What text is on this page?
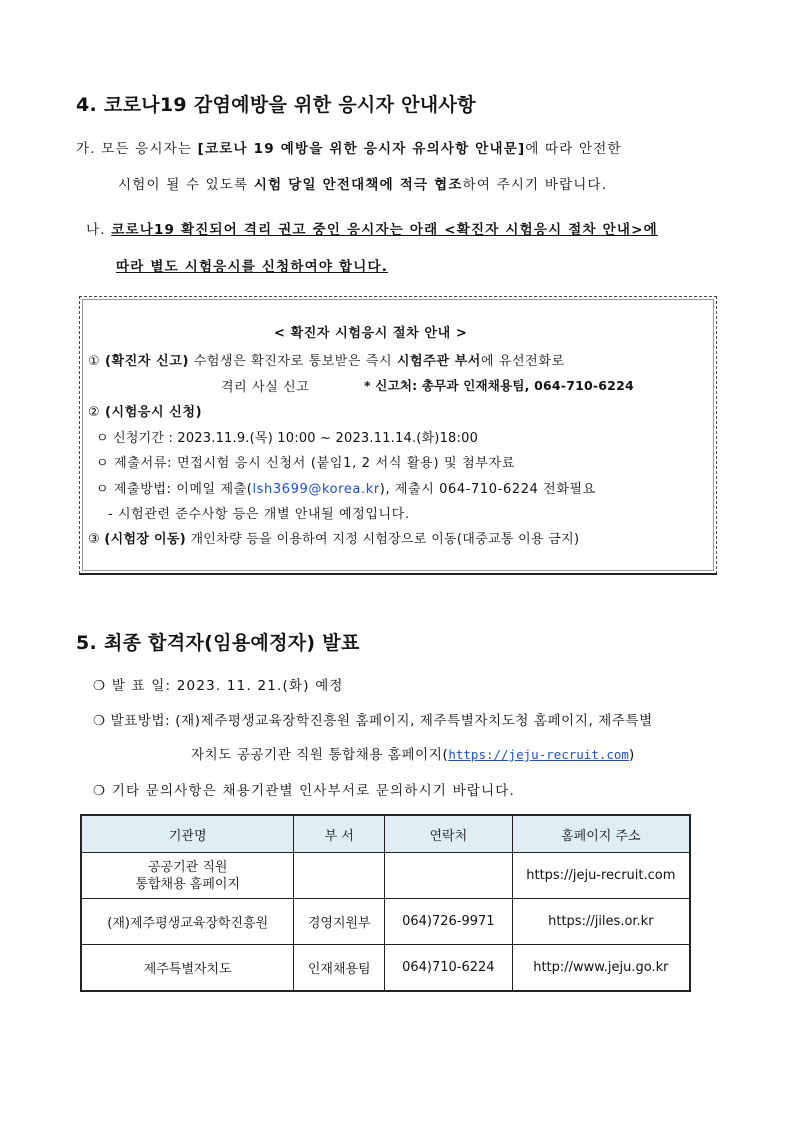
4. 코로나19 감염예방을 위한 응시자 안내사항
가. 모든 응시자는 [코로나 19 예방을 위한 응시자 유의사항 안내문]에 따라 안전한
시험이 될 수 있도록 시험 당일 안전대책에 적극 협조하여 주시기 바랍니다.
나. 코로나19 확진되어 격리 권고 중인 응시자는 아래 <확진자 시험응시 절차 안내>에
따라 별도 시험응시를 신청하여야 합니다.
< 확진자 시험응시 절차 안내 >
① (확진자 신고) 수험생은 확진자로 통보받은 즉시 시험주관 부서에 유선전화로
격리 사실 신고	* 신고처: 총무과 인재채용팀, 064-710-6224
② (시험응시 신청)
ㅇ 신청기간 : 2023.11.9.(목) 10:00 ~ 2023.11.14.(화)18:00
ㅇ 제출서류: 면접시험 응시 신청서 (붙임1, 2 서식 활용) 및 첨부자료
ㅇ 제출방법: 이메일 제출(lsh3699@korea.kr), 제출시 064-710-6224 전화필요
- 시험관련 준수사항 등은 개별 안내될 예정입니다.
③ (시험장 이동) 개인차량 등을 이용하여 지정 시험장으로 이동(대중교통 이용 금지)
5. 최종 합격자(임용예정자) 발표
❍ 발 표 일: 2023. 11. 21.(화) 예정
❍ 발표방법: (재)제주평생교육장학진흥원 홈페이지, 제주특별자치도청 홈페이지, 제주특별
자치도 공공기관 직원 통합채용 홈페이지(https://jeju-recruit.com)
❍ 기타 문의사항은 채용기관별 인사부서로 문의하시기 바랍니다.
기관명	부 서	연락처	홈페이지 주소

공공기관 직원
통합채용 홈페이지			https://jeju-recruit.com
(재)제주평생교육장학진흥원	경영지원부	064)726-9971	https://jiles.or.kr
제주특별자치도	인재채용팀	064)710-6224	http://www.jeju.go.kr
